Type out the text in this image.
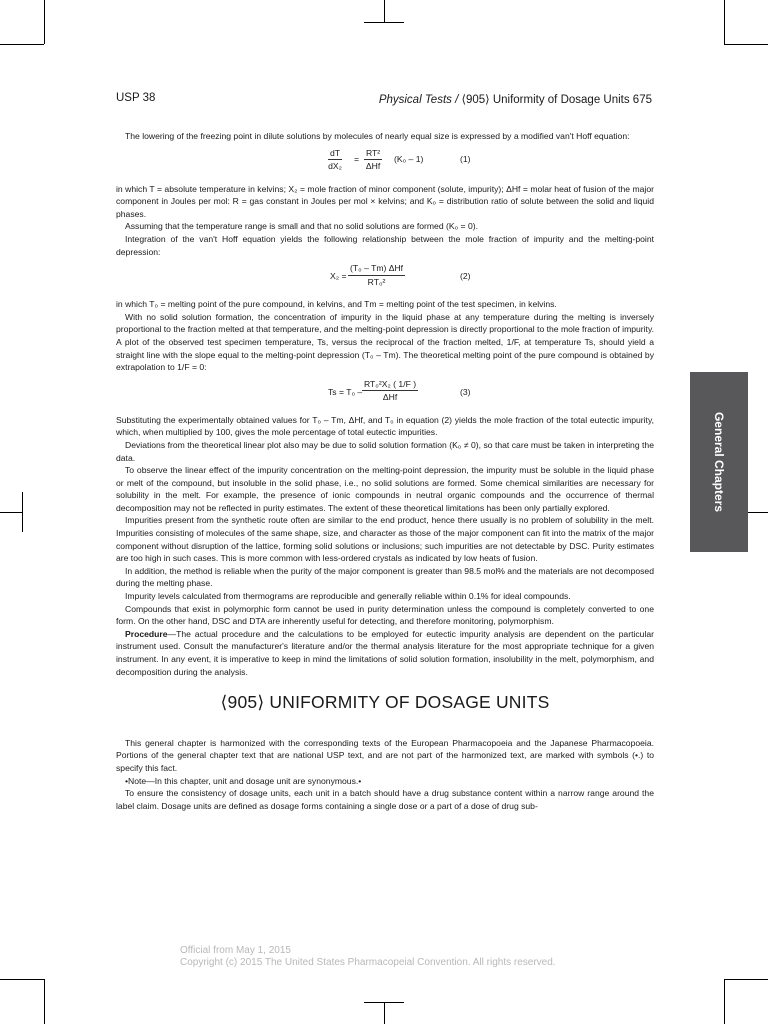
USP 38	Physical Tests / ⟨905⟩ Uniformity of Dosage Units 675
General Chapters

The lowering of the freezing point in dilute solutions by molecules of nearly equal size is expressed by a modified van't Hoff equation:

$\frac{dT}{\text{dX₂}}$ =
RT²
ΔHf
(K₀ – 1)	(1)

in which T = absolute temperature in kelvins; X₂ = mole fraction of minor component (solute, impurity); ΔHf = molar heat of fusion of the major component in Joules per mol: R = gas constant in Joules per mol × kelvins; and K₀ = distribution ratio of solute between the solid and liquid phases.

Assuming that the temperature range is small and that no solid solutions are formed (K₀ = 0).

Integration of the van't Hoff equation yields the following relationship between the mole fraction of impurity and the melting-point depression:

X₂ =
(T₀ – Tm) ΔHf
RT₀²
(2)

in which T₀ = melting point of the pure compound, in kelvins, and Tm = melting point of the test specimen, in kelvins.

With no solid solution formation, the concentration of impurity in the liquid phase at any temperature during the melting is inversely proportional to the fraction melted at that temperature, and the melting-point depression is directly proportional to the mole fraction of impurity. A plot of the observed test specimen temperature, Ts, versus the reciprocal of the fraction melted, 1/F, at temperature Ts, should yield a straight line with the slope equal to the melting-point depression (T₀ – Tm). The theoretical melting point of the pure compound is obtained by extrapolation to 1/F = 0:

Ts = T₀ –
RT₀²X₂ ( 1/F )
ΔHf
(3)

Substituting the experimentally obtained values for T₀ – Tm, ΔHf, and T₀ in equation (2) yields the mole fraction of the total eutectic impurity, which, when multiplied by 100, gives the mole percentage of total eutectic impurities.

Deviations from the theoretical linear plot also may be due to solid solution formation (K₀ ≠ 0), so that care must be taken in interpreting the data.

To observe the linear effect of the impurity concentration on the melting-point depression, the impurity must be soluble in the liquid phase or melt of the compound, but insoluble in the solid phase, i.e., no solid solutions are formed. Some chemical similarities are necessary for solubility in the melt. For example, the presence of ionic compounds in neutral organic compounds and the occurrence of thermal decomposition may not be reflected in purity estimates. The extent of these theoretical limitations has been only partially explored.

Impurities present from the synthetic route often are similar to the end product, hence there usually is no problem of solubility in the melt. Impurities consisting of molecules of the same shape, size, and character as those of the major component can fit into the matrix of the major component without disruption of the lattice, forming solid solutions or inclusions; such impurities are not detectable by DSC. Purity estimates are too high in such cases. This is more common with less-ordered crystals as indicated by low heats of fusion.

In addition, the method is reliable when the purity of the major component is greater than 98.5 mol% and the materials are not decomposed during the melting phase.

Impurity levels calculated from thermograms are reproducible and generally reliable within 0.1% for ideal compounds.

Compounds that exist in polymorphic form cannot be used in purity determination unless the compound is completely converted to one form. On the other hand, DSC and DTA are inherently useful for detecting, and therefore monitoring, polymorphism.

Procedure—The actual procedure and the calculations to be employed for eutectic impurity analysis are dependent on the particular instrument used. Consult the manufacturer's literature and/or the thermal analysis literature for the most appropriate technique for a given instrument. In any event, it is imperative to keep in mind the limitations of solid solution formation, insolubility in the melt, polymorphism, and decomposition during the analysis.

⟨905⟩ UNIFORMITY OF DOSAGE UNITS

This general chapter is harmonized with the corresponding texts of the European Pharmacopoeia and the Japanese Pharmacopoeia. Portions of the general chapter text that are national USP text, and are not part of the harmonized text, are marked with symbols (•.) to specify this fact.

•Note—In this chapter, unit and dosage unit are synonymous.•

To ensure the consistency of dosage units, each unit in a batch should have a drug substance content within a narrow range around the label claim. Dosage units are defined as dosage forms containing a single dose or a part of a dose of drug sub-

Official from May 1, 2015
Copyright (c) 2015 The United States Pharmacopeial Convention. All rights reserved.
